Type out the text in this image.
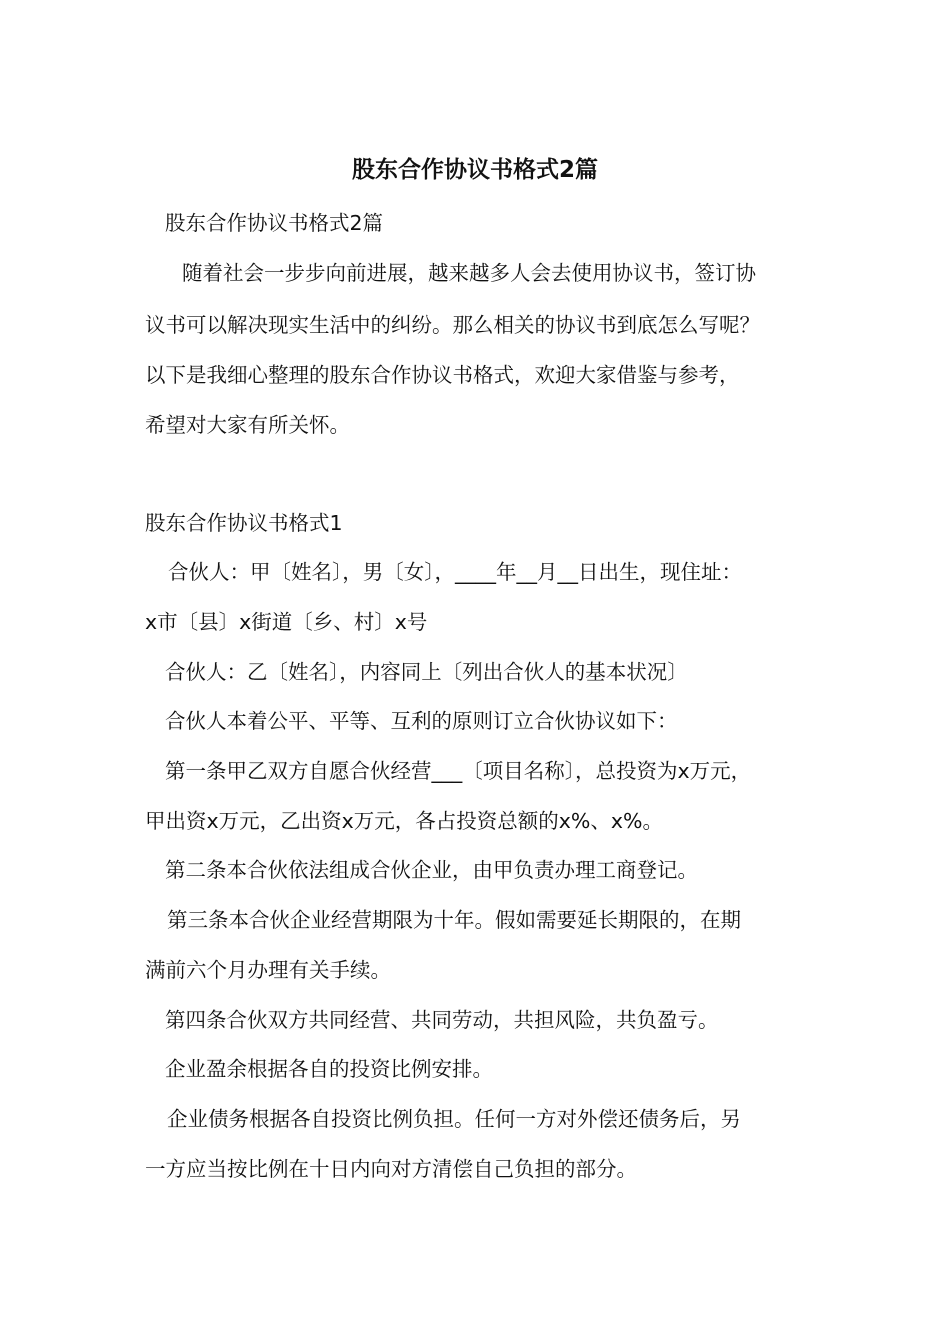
股东合作协议书格式2篇

股东合作协议书格式2篇

随着社会一步步向前进展，越来越多人会去使用协议书，签订协

议书可以解决现实生活中的纠纷。那么相关的协议书到底怎么写呢？

以下是我细心整理的股东合作协议书格式，欢迎大家借鉴与参考，

希望对大家有所关怀。

股东合作协议书格式1

合伙人：甲〔姓名〕，男〔女〕，____年__月__日出生，现住址：

x市〔县〕x街道〔乡、村〕x号

合伙人：乙〔姓名〕，内容同上〔列出合伙人的基本状况〕

合伙人本着公平、平等、互利的原则订立合伙协议如下：

第一条甲乙双方自愿合伙经营___〔项目名称〕，总投资为x万元，

甲出资x万元，乙出资x万元，各占投资总额的x%、x%。

第二条本合伙依法组成合伙企业，由甲负责办理工商登记。

第三条本合伙企业经营期限为十年。假如需要延长期限的，在期

满前六个月办理有关手续。

第四条合伙双方共同经营、共同劳动，共担风险，共负盈亏。

企业盈余根据各自的投资比例安排。

企业债务根据各自投资比例负担。任何一方对外偿还债务后，另

一方应当按比例在十日内向对方清偿自己负担的部分。
